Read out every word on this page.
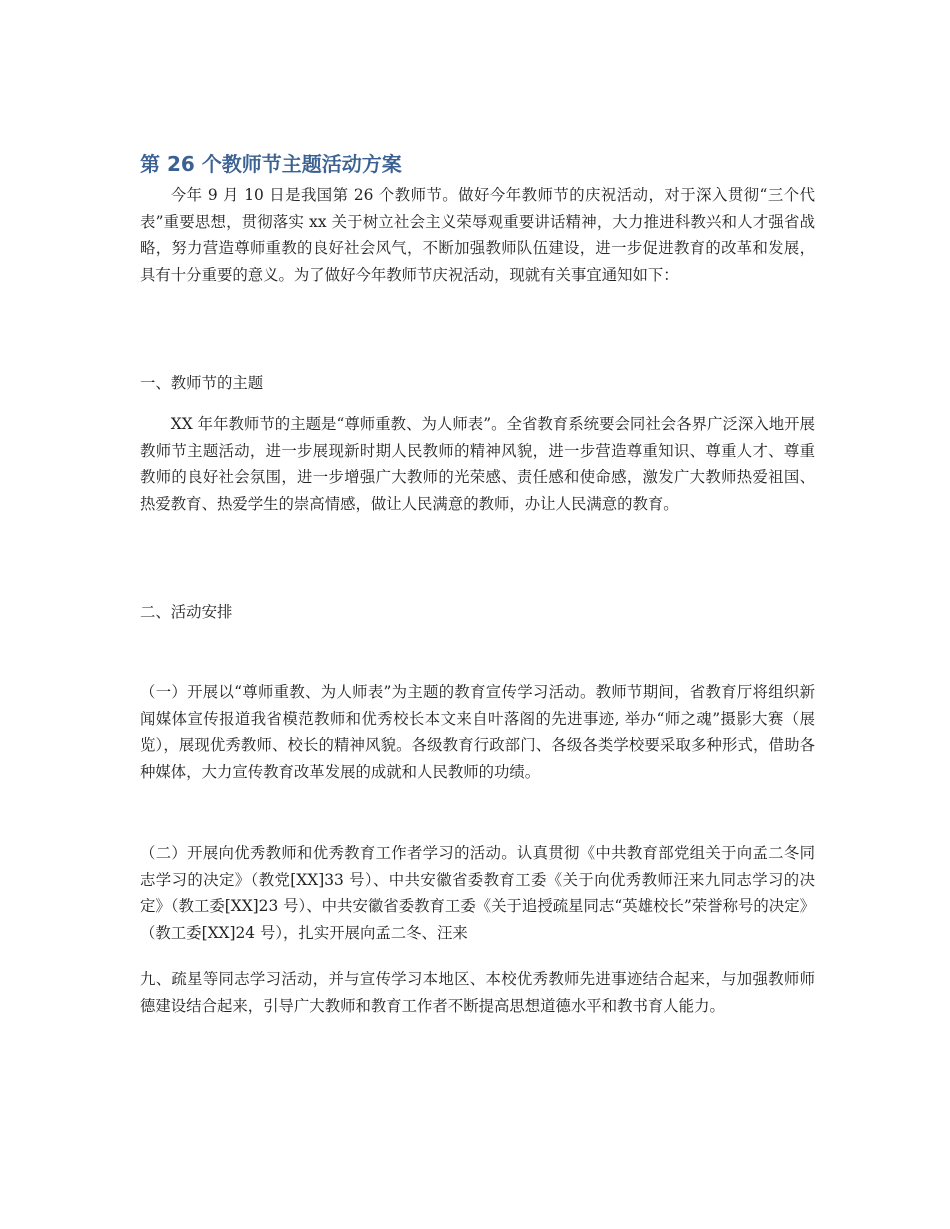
第 26 个教师节主题活动方案

今年 9 月 10 日是我国第 26 个教师节。做好今年教师节的庆祝活动，对于深入贯彻“三个代表”重要思想，贯彻落实 xx 关于树立社会主义荣辱观重要讲话精神，大力推进科教兴和人才强省战略，努力营造尊师重教的良好社会风气，不断加强教师队伍建设，进一步促进教育的改革和发展，具有十分重要的意义。为了做好今年教师节庆祝活动，现就有关事宜通知如下：

一、教师节的主题

XX 年年教师节的主题是“尊师重教、为人师表”。全省教育系统要会同社会各界广泛深入地开展教师节主题活动，进一步展现新时期人民教师的精神风貌，进一步营造尊重知识、尊重人才、尊重教师的良好社会氛围，进一步增强广大教师的光荣感、责任感和使命感，激发广大教师热爱祖国、热爱教育、热爱学生的崇高情感，做让人民满意的教师，办让人民满意的教育。

二、活动安排

（一）开展以“尊师重教、为人师表”为主题的教育宣传学习活动。教师节期间，省教育厅将组织新闻媒体宣传报道我省模范教师和优秀校长本文来自叶落阁的先进事迹, 举办“师之魂”摄影大赛（展览），展现优秀教师、校长的精神风貌。各级教育行政部门、各级各类学校要采取多种形式，借助各种媒体，大力宣传教育改革发展的成就和人民教师的功绩。

（二）开展向优秀教师和优秀教育工作者学习的活动。认真贯彻《中共教育部党组关于向孟二冬同志学习的决定》（教党[XX]33 号）、中共安徽省委教育工委《关于向优秀教师汪来九同志学习的决定》（教工委[XX]23 号）、中共安徽省委教育工委《关于追授疏星同志“英雄校长”荣誉称号的决定》（教工委[XX]24 号），扎实开展向孟二冬、汪来

九、疏星等同志学习活动，并与宣传学习本地区、本校优秀教师先进事迹结合起来，与加强教师师德建设结合起来，引导广大教师和教育工作者不断提高思想道德水平和教书育人能力。
